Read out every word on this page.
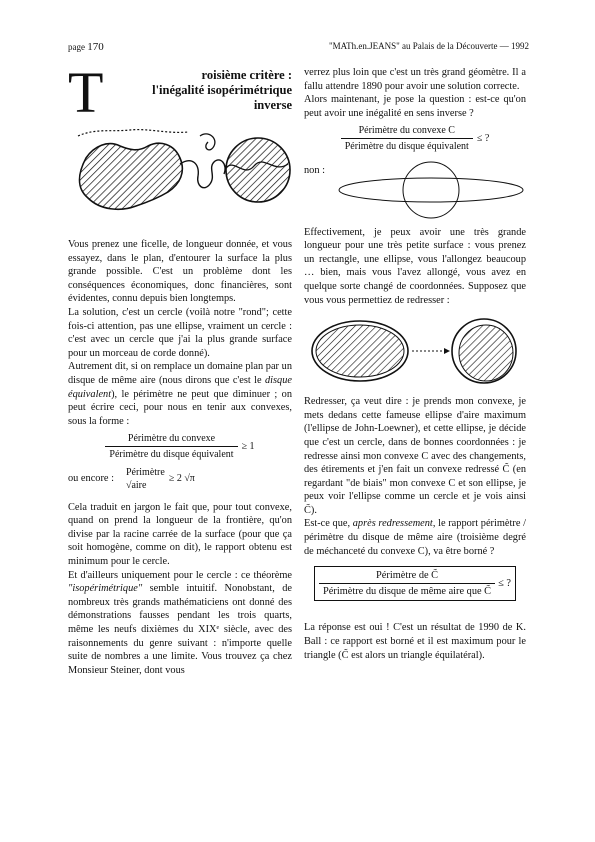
page 170	"MATh.en.JEANS" au Palais de la Découverte — 1992
T	roisième critère :
l'inégalité isopérimétrique
inverse

Vous prenez une ficelle, de longueur donnée, et vous essayez, dans le plan, d'entourer la surface la plus grande possible. C'est un problème dont les conséquences économiques, donc financières, sont évidentes, connu depuis bien longtemps.

La solution, c'est un cercle (voilà notre "rond"; cette fois-ci attention, pas une ellipse, vraiment un cercle : c'est avec un cercle que j'ai la plus grande surface pour un morceau de corde donné).

Autrement dit, si on remplace un domaine plan par un disque de même aire (nous dirons que c'est le disque équivalent), le périmètre ne peut que diminuer ; on peut écrire ceci, pour nous en tenir aux convexes, sous la forme :

Périmètre du convexe
Périmètre du disque équivalent
≥ 1
ou encore :
Périmètre
√aire
≥ 2 √π

Cela traduit en jargon le fait que, pour tout convexe, quand on prend la longueur de la frontière, qu'on divise par la racine carrée de la surface (pour que ça soit homogène, comme on dit), le rapport obtenu est minimum pour le cercle.

Et d'ailleurs uniquement pour le cercle : ce théorème "isopérimétrique" semble intuitif. Nonobstant, de nombreux très grands mathématiciens ont donné des démonstrations fausses pendant les trois quarts, même les neufs dixièmes du XIXᵉ siècle, avec des raisonnements du genre suivant : n'importe quelle suite de nombres a une limite. Vous trouvez ça chez Monsieur Steiner, dont vous

verrez plus loin que c'est un très grand géomètre. Il a fallu attendre 1890 pour avoir une solution correcte.

Alors maintenant, je pose la question : est-ce qu'on peut avoir une inégalité en sens inverse ?

Périmètre du convexe C
Périmètre du disque équivalent
≤ ?
non :

Effectivement, je peux avoir une très grande longueur pour une très petite surface : vous prenez un rectangle, une ellipse, vous l'allongez beaucoup … bien, mais vous l'avez allongé, vous avez en quelque sorte changé de coordonnées. Supposez que vous vous permettiez de redresser :

Redresser, ça veut dire : je prends mon convexe, je mets dedans cette fameuse ellipse d'aire maximum (l'ellipse de John-Loewner), et cette ellipse, je décide que c'est un cercle, dans de bonnes coordonnées : je redresse ainsi mon convexe C avec des changements, des étirements et j'en fait un convexe redressé C̃ (en regardant "de biais" mon convexe C et son ellipse, je peux voir l'ellipse comme un cercle et je vois ainsi C̃).

Est-ce que, après redressement, le rapport périmètre / périmètre du disque de même aire (troisième degré de méchanceté du convexe C), va être borné ?

Périmètre de C̃
Périmètre du disque de même aire que C̃
≤ ?

La réponse est oui ! C'est un résultat de 1990 de K. Ball : ce rapport est borné et il est maximum pour le triangle (C̃ est alors un triangle équilatéral).
